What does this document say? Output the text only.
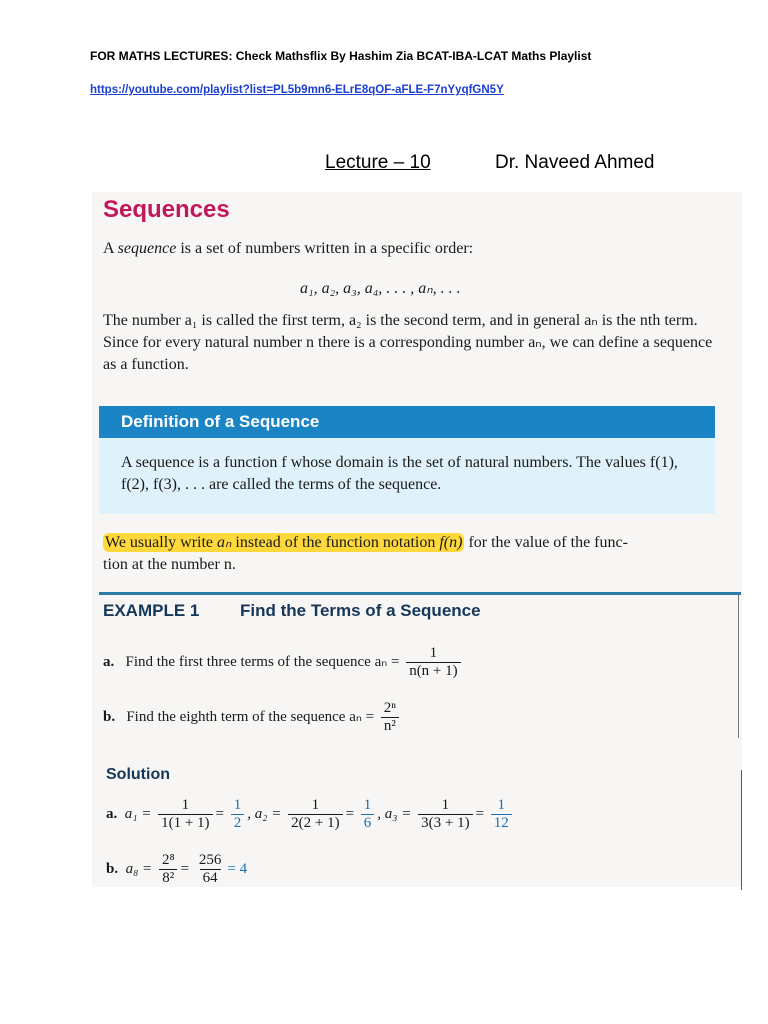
FOR MATHS LECTURES: Check Mathsflix By Hashim Zia BCAT-IBA-LCAT Maths Playlist
https://youtube.com/playlist?list=PL5b9mn6-ELrE8qOF-aFLE-F7nYyqfGN5Y
Lecture – 10	Dr. Naveed Ahmed
Sequences
A sequence is a set of numbers written in a specific order:
a₁, a₂, a₃, a₄, . . . , aₙ, . . .
The number a₁ is called the first term, a₂ is the second term, and in general aₙ is the nth term. Since for every natural number n there is a corresponding number aₙ, we can define a sequence as a function.
Definition of a Sequence
A sequence is a function f whose domain is the set of natural numbers. The values f(1), f(2), f(3), . . . are called the terms of the sequence.
We usually write aₙ instead of the function notation f(n) for the value of the func-
tion at the number n.
EXAMPLE 1 Find the Terms of a Sequence
a. Find the first three terms of the sequence $a_n = \frac{1}{n(n + 1)}$
b. Find the eighth term of the sequence $a_n = \frac{\text{2ⁿ}}{\text{n²}}$
Solution
a. $a_1 = \frac{1}{1(1 + 1)} = \frac{1}{2}$ , $a_2 = \frac{1}{2(2 + 1)} = \frac{1}{6}$ , $a_3 = \frac{1}{3(3 + 1)} = \frac{1}{12}$
b. $a_8 = \frac{\text{2⁸}}{\text{8²}} = \frac{256}{64} = 4$
